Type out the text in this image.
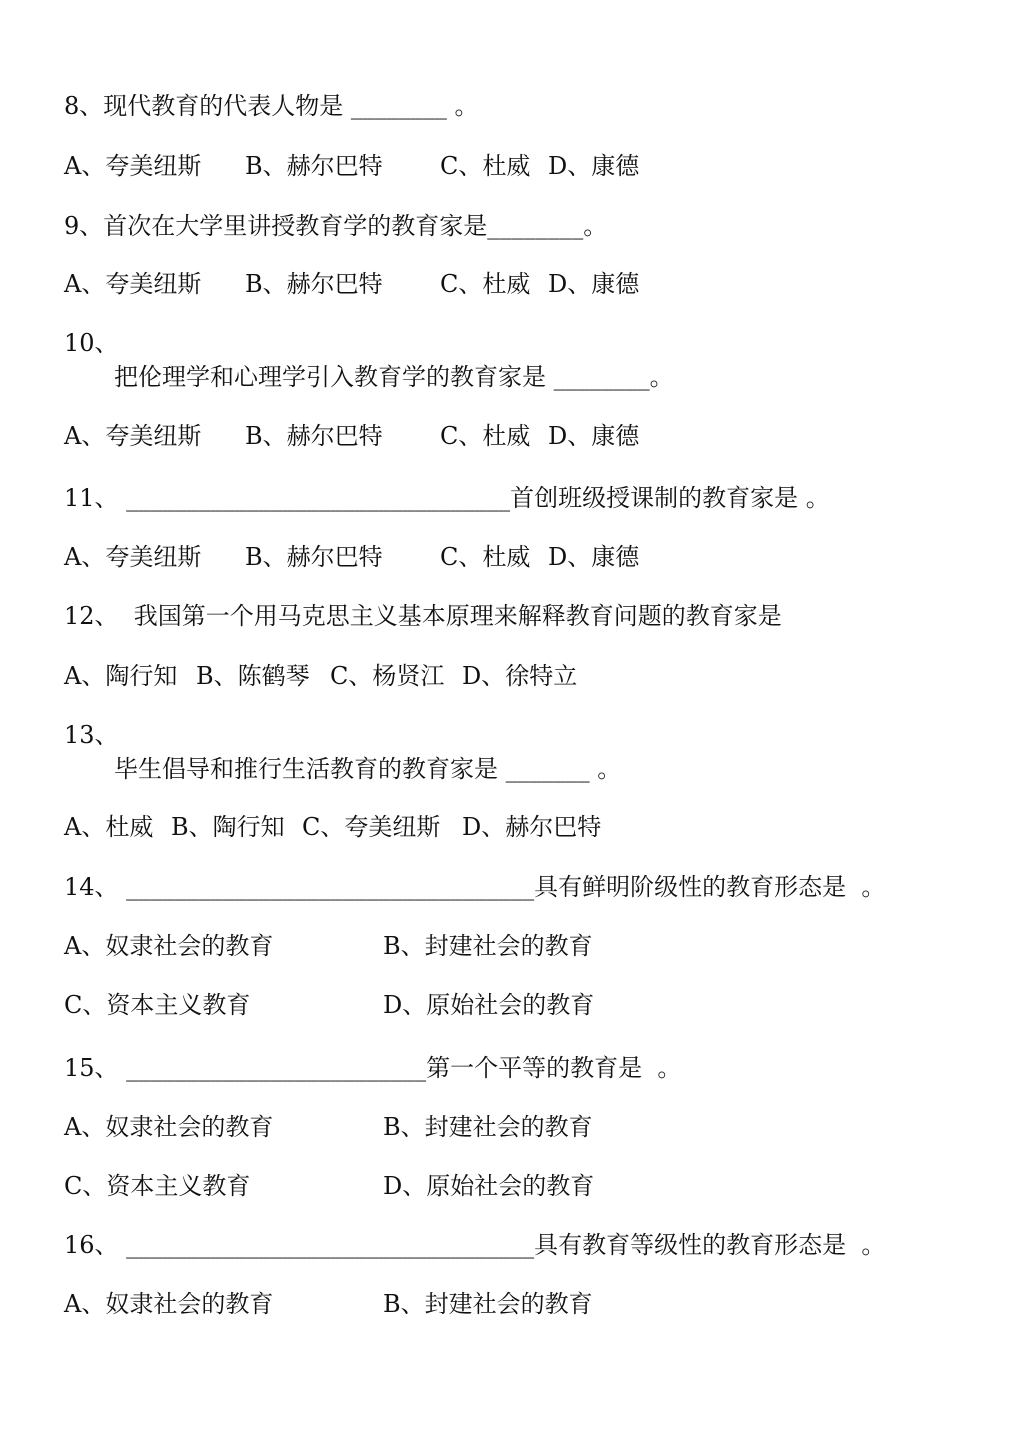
8、现代教育的代表人物是 ________ 。
A、夸美纽斯 B、赫尔巴特 C、杜威 D、康德
9、首次在大学里讲授教育学的教育家是________。
A、夸美纽斯 B、赫尔巴特 C、杜威 D、康德
10、
把伦理学和心理学引入教育学的教育家是 ________。
A、夸美纽斯 B、赫尔巴特 C、杜威 D、康德
11、 ________________________________首创班级授课制的教育家是 。
A、夸美纽斯 B、赫尔巴特 C、杜威 D、康德
12、  我国第一个用马克思主义基本原理来解释教育问题的教育家是
A、陶行知 B、陈鹤琴 C、杨贤江 D、徐特立
13、
毕生倡导和推行生活教育的教育家是 _______ 。
A、杜威 B、陶行知 C、夸美纽斯 D、赫尔巴特
14、 __________________________________具有鲜明阶级性的教育形态是  。
A、奴隶社会的教育	B、封建社会的教育
C、资本主义教育	D、原始社会的教育
15、 _________________________第一个平等的教育是  。
A、奴隶社会的教育	B、封建社会的教育
C、资本主义教育	D、原始社会的教育
16、 __________________________________具有教育等级性的教育形态是  。
A、奴隶社会的教育	B、封建社会的教育
